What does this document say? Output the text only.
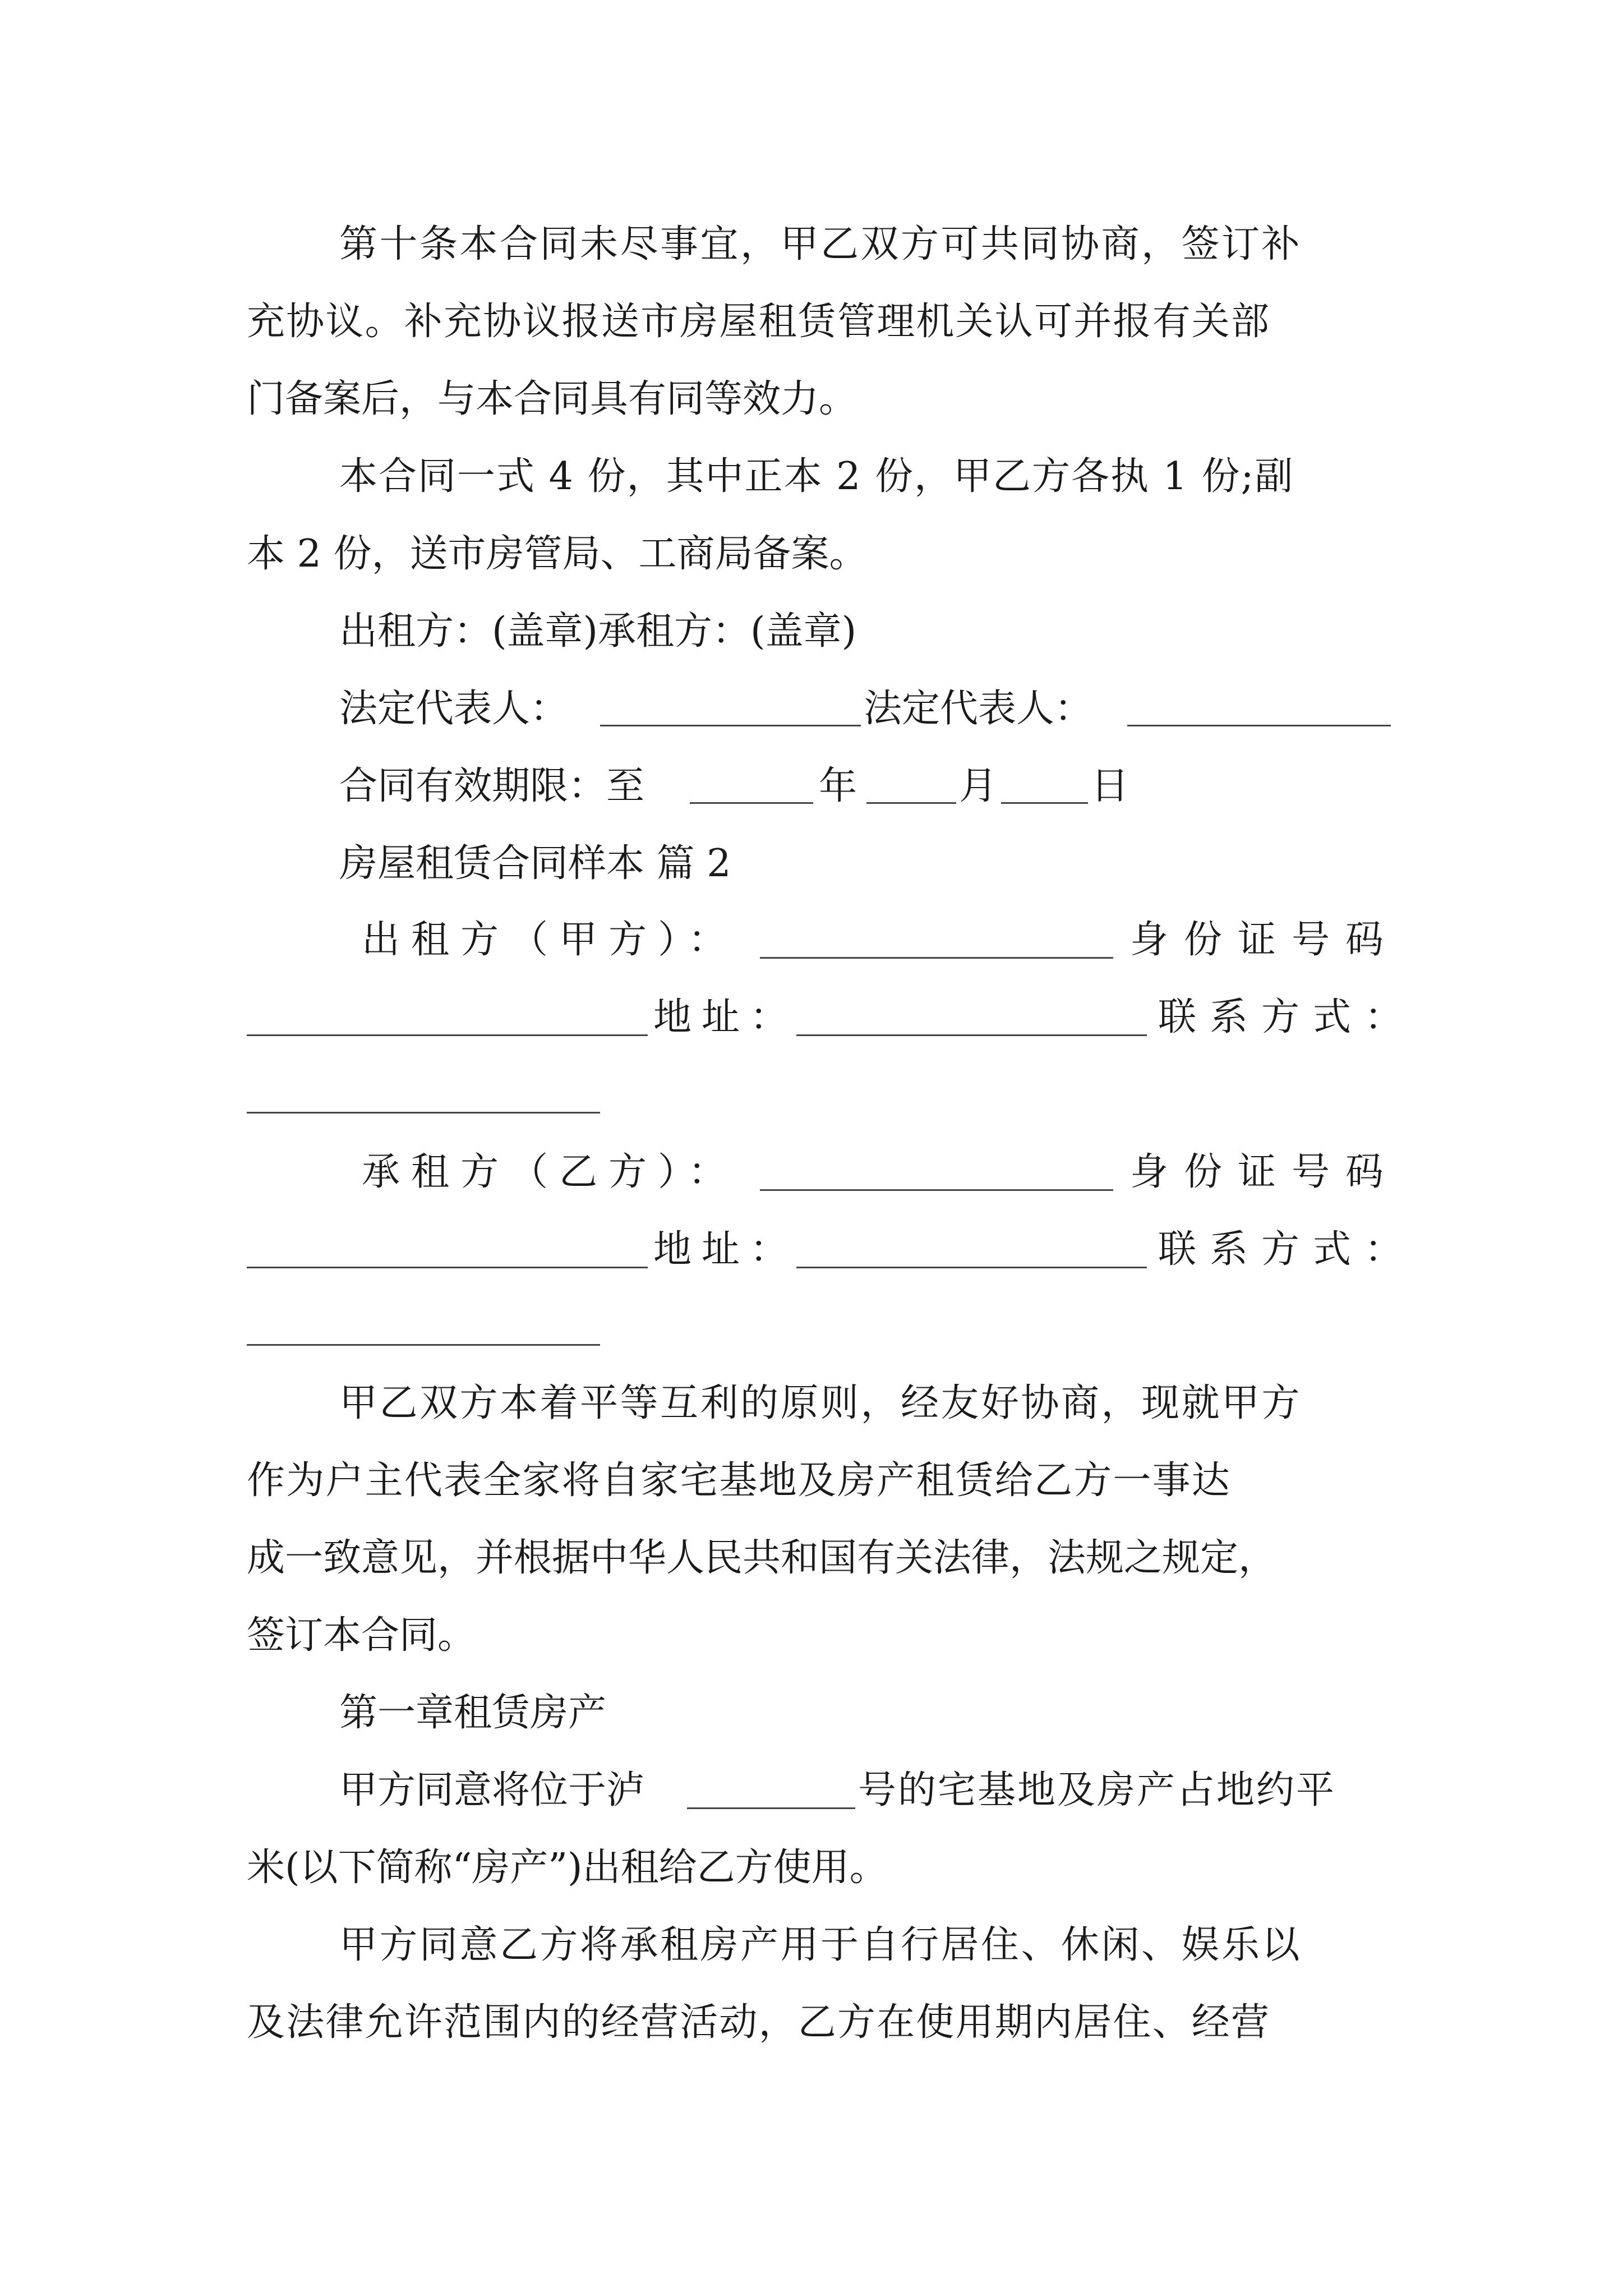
第十条本合同未尽事宜，甲乙双方可共同协商，签订补
充协议。补充协议报送市房屋租赁管理机关认可并报有关部
门备案后，与本合同具有同等效力。
本合同一式 4 份，其中正本 2 份，甲乙方各执 1 份;副
本 2 份，送市房管局、工商局备案。
出租方：(盖章)承租方：(盖章)
法定代表人：	法定代表人：
合同有效期限：至	年	月 日
房屋租赁合同样本 篇 2
出租方（甲方）：	身份证号码
地址：	联系方式：
承租方（乙方）：	身份证号码
地址：	联系方式：
甲乙双方本着平等互利的原则，经友好协商，现就甲方
作为户主代表全家将自家宅基地及房产租赁给乙方一事达
成一致意见，并根据中华人民共和国有关法律，法规之规定，
签订本合同。
第一章租赁房产
甲方同意将位于泸	号的宅基地及房产占地约平
米(以下简称“房产”)出租给乙方使用。
甲方同意乙方将承租房产用于自行居住、休闲、娱乐以
及法律允许范围内的经营活动，乙方在使用期内居住、经营
